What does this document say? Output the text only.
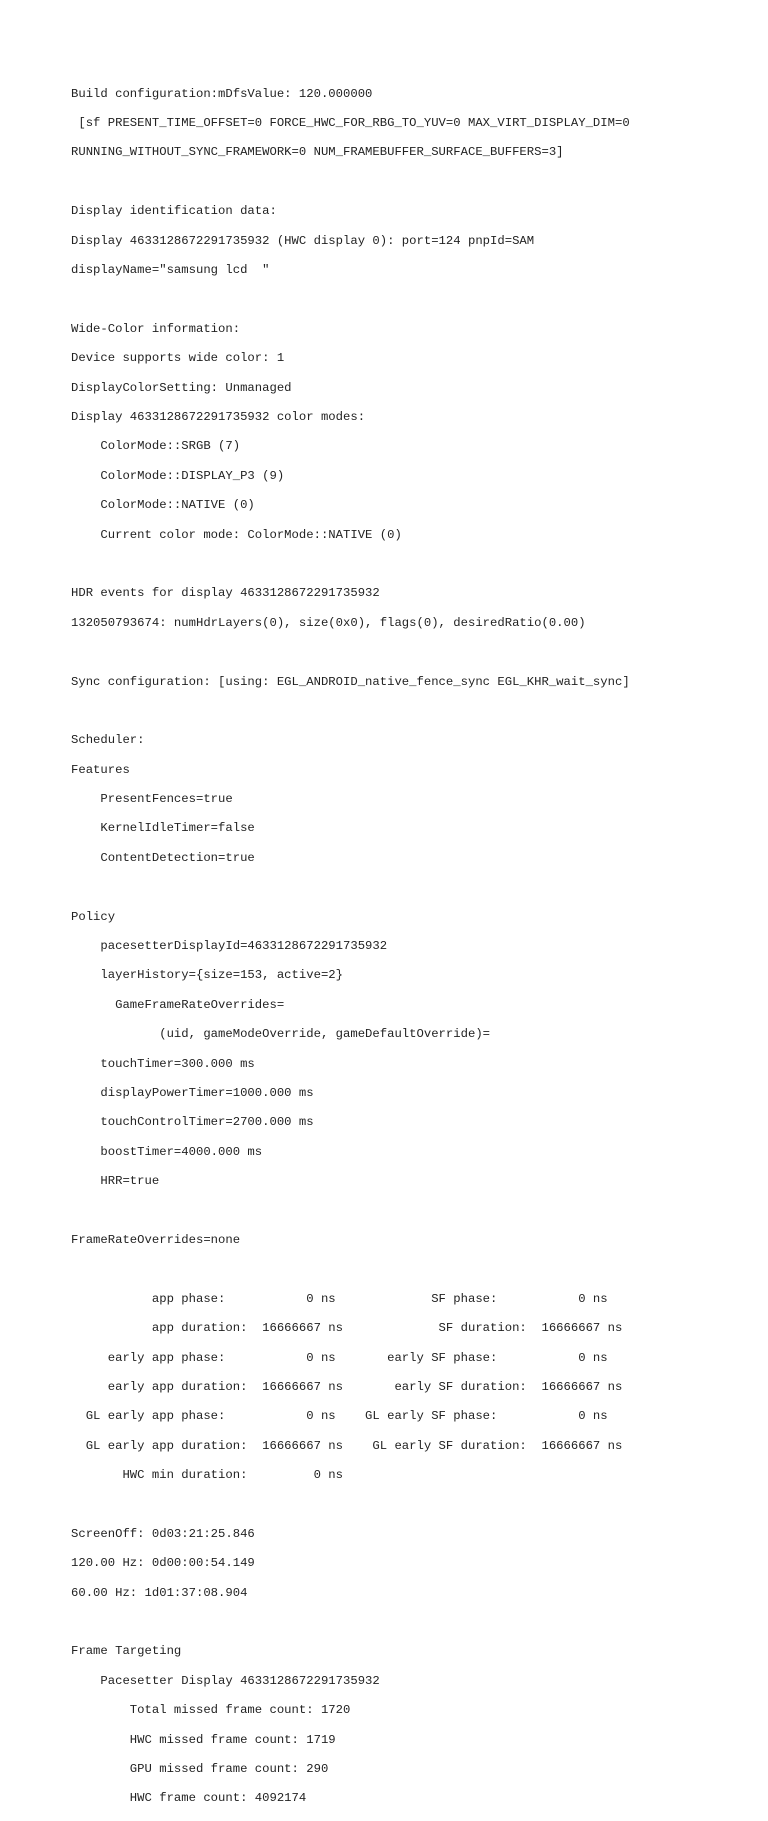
Build configuration:mDfsValue: 120.000000

[sf PRESENT_TIME_OFFSET=0 FORCE_HWC_FOR_RBG_TO_YUV=0 MAX_VIRT_DISPLAY_DIM=0

RUNNING_WITHOUT_SYNC_FRAMEWORK=0 NUM_FRAMEBUFFER_SURFACE_BUFFERS=3]

Display identification data:

Display 4633128672291735932 (HWC display 0): port=124 pnpId=SAM

displayName="samsung lcd  "

Wide-Color information:

Device supports wide color: 1

DisplayColorSetting: Unmanaged

Display 4633128672291735932 color modes:

ColorMode::SRGB (7)

ColorMode::DISPLAY_P3 (9)

ColorMode::NATIVE (0)

Current color mode: ColorMode::NATIVE (0)

HDR events for display 4633128672291735932

132050793674: numHdrLayers(0), size(0x0), flags(0), desiredRatio(0.00)

Sync configuration: [using: EGL_ANDROID_native_fence_sync EGL_KHR_wait_sync]

Scheduler:

Features

PresentFences=true

KernelIdleTimer=false

ContentDetection=true

Policy

pacesetterDisplayId=4633128672291735932

layerHistory={size=153, active=2}

GameFrameRateOverrides=

(uid, gameModeOverride, gameDefaultOverride)=

touchTimer=300.000 ms

displayPowerTimer=1000.000 ms

touchControlTimer=2700.000 ms

boostTimer=4000.000 ms

HRR=true

FrameRateOverrides=none

app phase:           0 ns             SF phase:           0 ns

app duration:  16666667 ns             SF duration:  16666667 ns

early app phase:           0 ns       early SF phase:           0 ns

early app duration:  16666667 ns       early SF duration:  16666667 ns

GL early app phase:           0 ns    GL early SF phase:           0 ns

GL early app duration:  16666667 ns    GL early SF duration:  16666667 ns

HWC min duration:         0 ns

ScreenOff: 0d03:21:25.846

120.00 Hz: 0d00:00:54.149

60.00 Hz: 1d01:37:08.904

Frame Targeting

Pacesetter Display 4633128672291735932

Total missed frame count: 1720

HWC missed frame count: 1719

GPU missed frame count: 290

HWC frame count: 4092174
